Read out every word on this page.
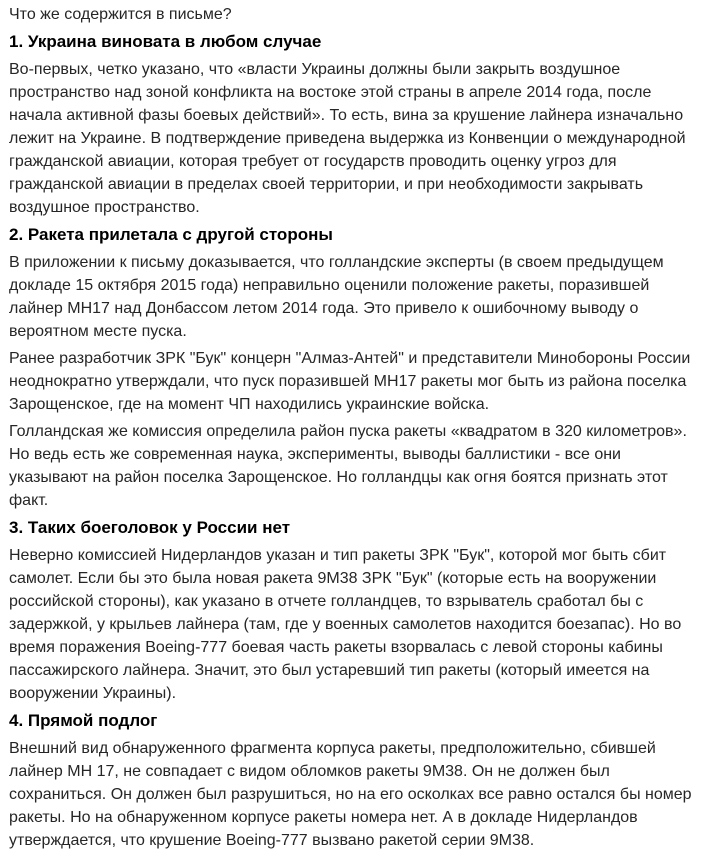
Что же содержится в письме?

1. Украина виновата в любом случае

Во-первых, четко указано, что «власти Украины должны были закрыть воздушное пространство над зоной конфликта на востоке этой страны в апреле 2014 года, после начала активной фазы боевых действий». То есть, вина за крушение лайнера изначально лежит на Украине. В подтверждение приведена выдержка из Конвенции о международной гражданской авиации, которая требует от государств проводить оценку угроз для гражданской авиации в пределах своей территории, и при необходимости закрывать воздушное пространство.

2. Ракета прилетала с другой стороны

В приложении к письму доказывается, что голландские эксперты (в своем предыдущем докладе 15 октября 2015 года) неправильно оценили положение ракеты, поразившей лайнер МН17 над Донбассом летом 2014 года. Это привело к ошибочному выводу о вероятном месте пуска.

Ранее разработчик ЗРК "Бук" концерн "Алмаз-Антей" и представители Минобороны России неоднократно утверждали, что пуск поразившей МН17 ракеты мог быть из района поселка Зарощенское, где на момент ЧП находились украинские войска.

Голландская же комиссия определила район пуска ракеты «квадратом в 320 километров». Но ведь есть же современная наука, эксперименты, выводы баллистики - все они указывают на район поселка Зарощенское. Но голландцы как огня боятся признать этот факт.

3. Таких боеголовок у России нет

Неверно комиссией Нидерландов указан и тип ракеты ЗРК "Бук", которой мог быть сбит самолет. Если бы это была новая ракета 9М38 ЗРК "Бук" (которые есть на вооружении российской стороны), как указано в отчете голландцев, то взрыватель сработал бы с задержкой, у крыльев лайнера (там, где у военных самолетов находится боезапас). Но во время поражения Boeing-777 боевая часть ракеты взорвалась с левой стороны кабины пассажирского лайнера. Значит, это был устаревший тип ракеты (который имеется на вооружении Украины).

4. Прямой подлог

Внешний вид обнаруженного фрагмента корпуса ракеты, предположительно, сбившей лайнер МН 17, не совпадает с видом обломков ракеты 9М38. Он не должен был сохраниться. Он должен был разрушиться, но на его осколках все равно остался бы номер ракеты. Но на обнаруженном корпусе ракеты номера нет. А в докладе Нидерландов утверждается, что крушение Boeing-777 вызвано ракетой серии 9М38.
